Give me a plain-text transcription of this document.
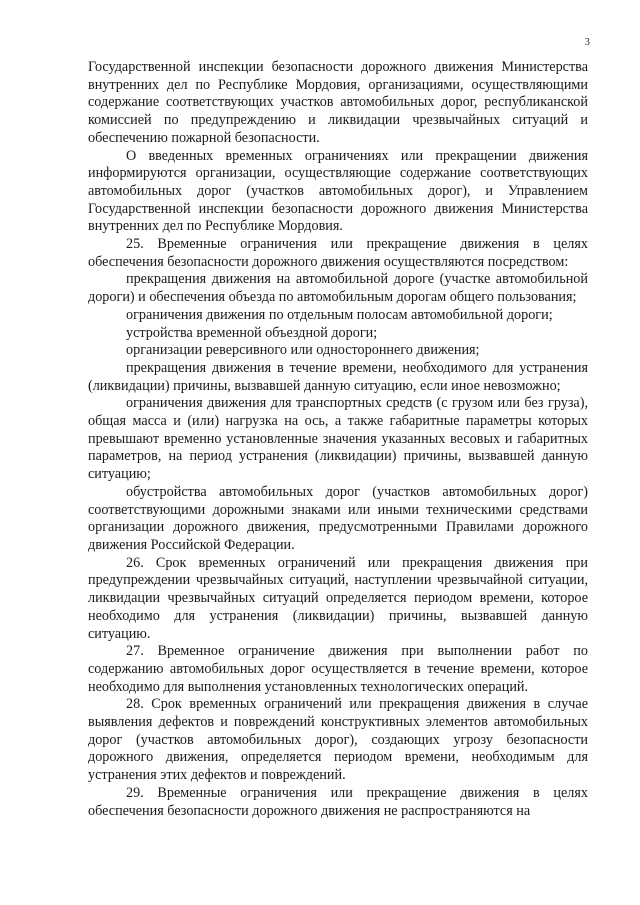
3

Государственной инспекции безопасности дорожного движения Министерства внутренних дел по Республике Мордовия, организациями, осуществляющими содержание соответствующих участков автомобильных дорог, республиканской комиссией по предупреждению и ликвидации чрезвычайных ситуаций и обеспечению пожарной безопасности.

О введенных временных ограничениях или прекращении движения информируются организации, осуществляющие содержание соответствующих автомобильных дорог (участков автомобильных дорог), и Управлением Государственной инспекции безопасности дорожного движения Министерства внутренних дел по Республике Мордовия.

25. Временные ограничения или прекращение движения в целях обеспечения безопасности дорожного движения осуществляются посредством:

прекращения движения на автомобильной дороге (участке автомобильной дороги) и обеспечения объезда по автомобильным дорогам общего пользования;

ограничения движения по отдельным полосам автомобильной дороги;

устройства временной объездной дороги;

организации реверсивного или одностороннего движения;

прекращения движения в течение времени, необходимого для устранения (ликвидации) причины, вызвавшей данную ситуацию, если иное невозможно;

ограничения движения для транспортных средств (с грузом или без груза), общая масса и (или) нагрузка на ось, а также габаритные параметры которых превышают временно установленные значения указанных весовых и габаритных параметров, на период устранения (ликвидации) причины, вызвавшей данную ситуацию;

обустройства автомобильных дорог (участков автомобильных дорог) соответствующими дорожными знаками или иными техническими средствами организации дорожного движения, предусмотренными Правилами дорожного движения Российской Федерации.

26. Срок временных ограничений или прекращения движения при предупреждении чрезвычайных ситуаций, наступлении чрезвычайной ситуации, ликвидации чрезвычайных ситуаций определяется периодом времени, которое необходимо для устранения (ликвидации) причины, вызвавшей данную ситуацию.

27. Временное ограничение движения при выполнении работ по содержанию автомобильных дорог осуществляется в течение времени, которое необходимо для выполнения установленных технологических операций.

28. Срок временных ограничений или прекращения движения в случае выявления дефектов и повреждений конструктивных элементов автомобильных дорог (участков автомобильных дорог), создающих угрозу безопасности дорожного движения, определяется периодом времени, необходимым для устранения этих дефектов и повреждений.

29. Временные ограничения или прекращение движения в целях обеспечения безопасности дорожного движения не распространяются на
